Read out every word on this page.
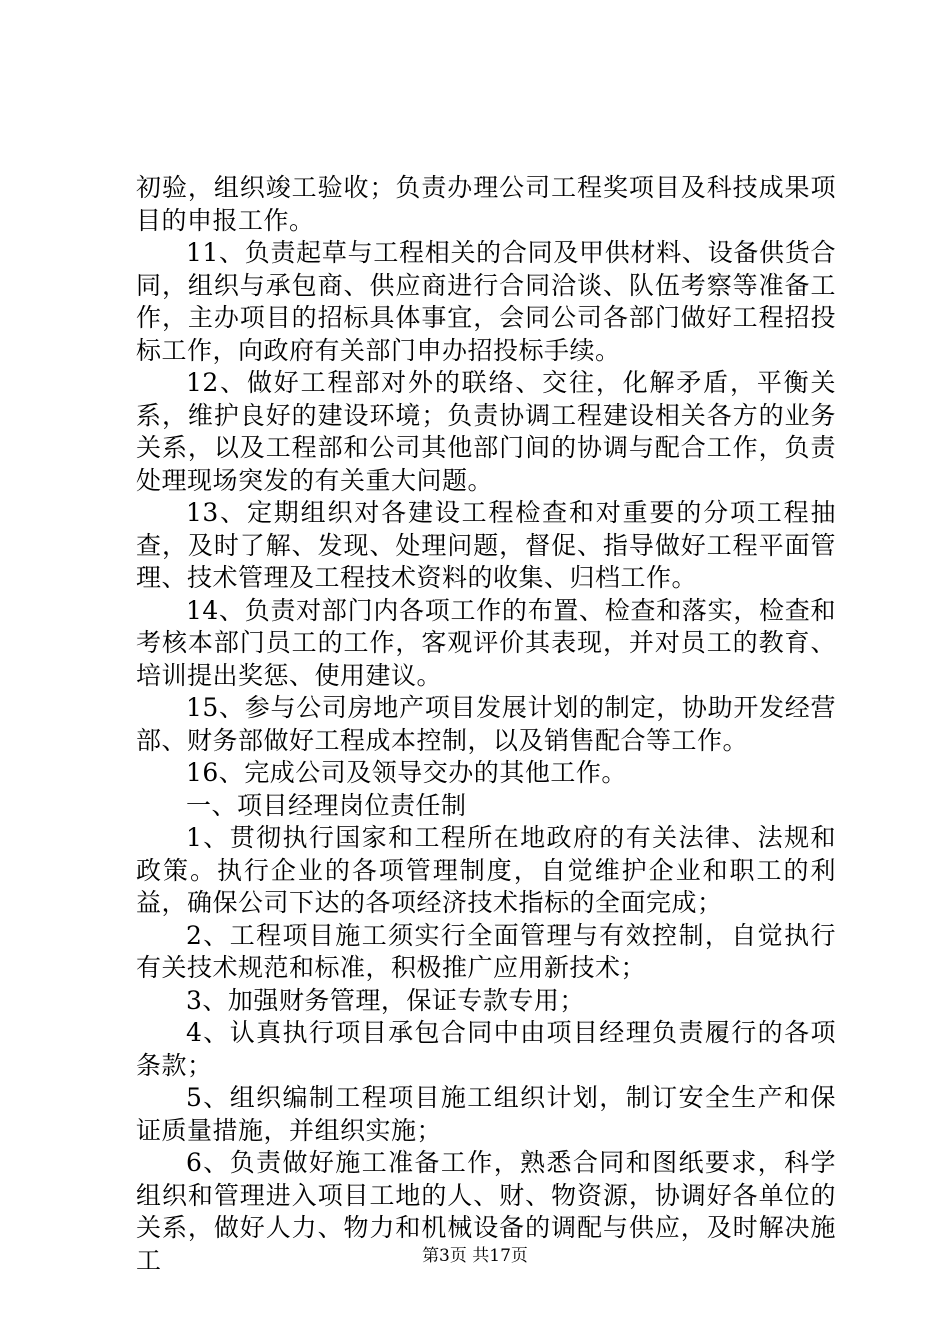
初验，组织竣工验收；负责办理公司工程奖项目及科技成果项目的申报工作。

11、负责起草与工程相关的合同及甲供材料、设备供货合同，组织与承包商、供应商进行合同洽谈、队伍考察等准备工作，主办项目的招标具体事宜，会同公司各部门做好工程招投标工作，向政府有关部门申办招投标手续。

12、做好工程部对外的联络、交往，化解矛盾，平衡关系，维护良好的建设环境；负责协调工程建设相关各方的业务关系，以及工程部和公司其他部门间的协调与配合工作，负责处理现场突发的有关重大问题。

13、定期组织对各建设工程检查和对重要的分项工程抽查，及时了解、发现、处理问题，督促、指导做好工程平面管理、技术管理及工程技术资料的收集、归档工作。

14、负责对部门内各项工作的布置、检查和落实，检查和考核本部门员工的工作，客观评价其表现，并对员工的教育、培训提出奖惩、使用建议。

15、参与公司房地产项目发展计划的制定，协助开发经营部、财务部做好工程成本控制，以及销售配合等工作。

16、完成公司及领导交办的其他工作。

一、项目经理岗位责任制

1、贯彻执行国家和工程所在地政府的有关法律、法规和政策。执行企业的各项管理制度，自觉维护企业和职工的利益，确保公司下达的各项经济技术指标的全面完成；

2、工程项目施工须实行全面管理与有效控制，自觉执行有关技术规范和标准，积极推广应用新技术；

3、加强财务管理，保证专款专用；

4、认真执行项目承包合同中由项目经理负责履行的各项条款；

5、组织编制工程项目施工组织计划，制订安全生产和保证质量措施，并组织实施；

6、负责做好施工准备工作，熟悉合同和图纸要求，科学组织和管理进入项目工地的人、财、物资源，协调好各单位的关系，做好人力、物力和机械设备的调配与供应，及时解决施工	第3页 共17页
